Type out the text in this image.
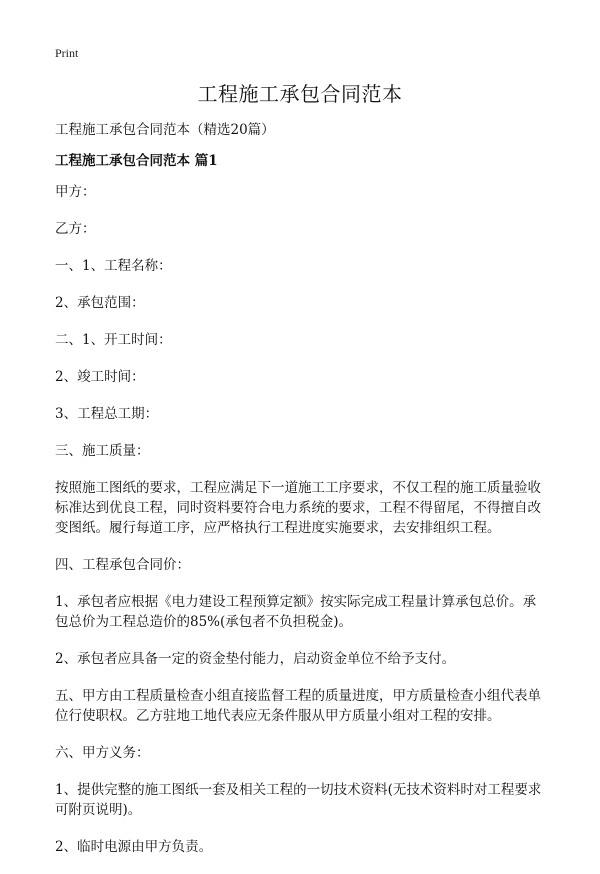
Print
工程施工承包合同范本

工程施工承包合同范本（精选20篇）

工程施工承包合同范本 篇1

甲方：

乙方：

一、1、工程名称：

2、承包范围：

二、1、开工时间：

2、竣工时间：

3、工程总工期：

三、施工质量：

按照施工图纸的要求，工程应满足下一道施工工序要求，不仅工程的施工质量验收标准达到优良工程，同时资料要符合电力系统的要求，工程不得留尾，不得擅自改变图纸。履行每道工序，应严格执行工程进度实施要求，去安排组织工程。

四、工程承包合同价：

1、承包者应根据《电力建设工程预算定额》按实际完成工程量计算承包总价。承包总价为工程总造价的85%(承包者不负担税金)。

2、承包者应具备一定的资金垫付能力，启动资金单位不给予支付。

五、甲方由工程质量检查小组直接监督工程的质量进度，甲方质量检查小组代表单位行使职权。乙方驻地工地代表应无条件服从甲方质量小组对工程的安排。

六、甲方义务：

1、提供完整的施工图纸一套及相关工程的一切技术资料(无技术资料时对工程要求可附页说明)。

2、临时电源由甲方负责。
